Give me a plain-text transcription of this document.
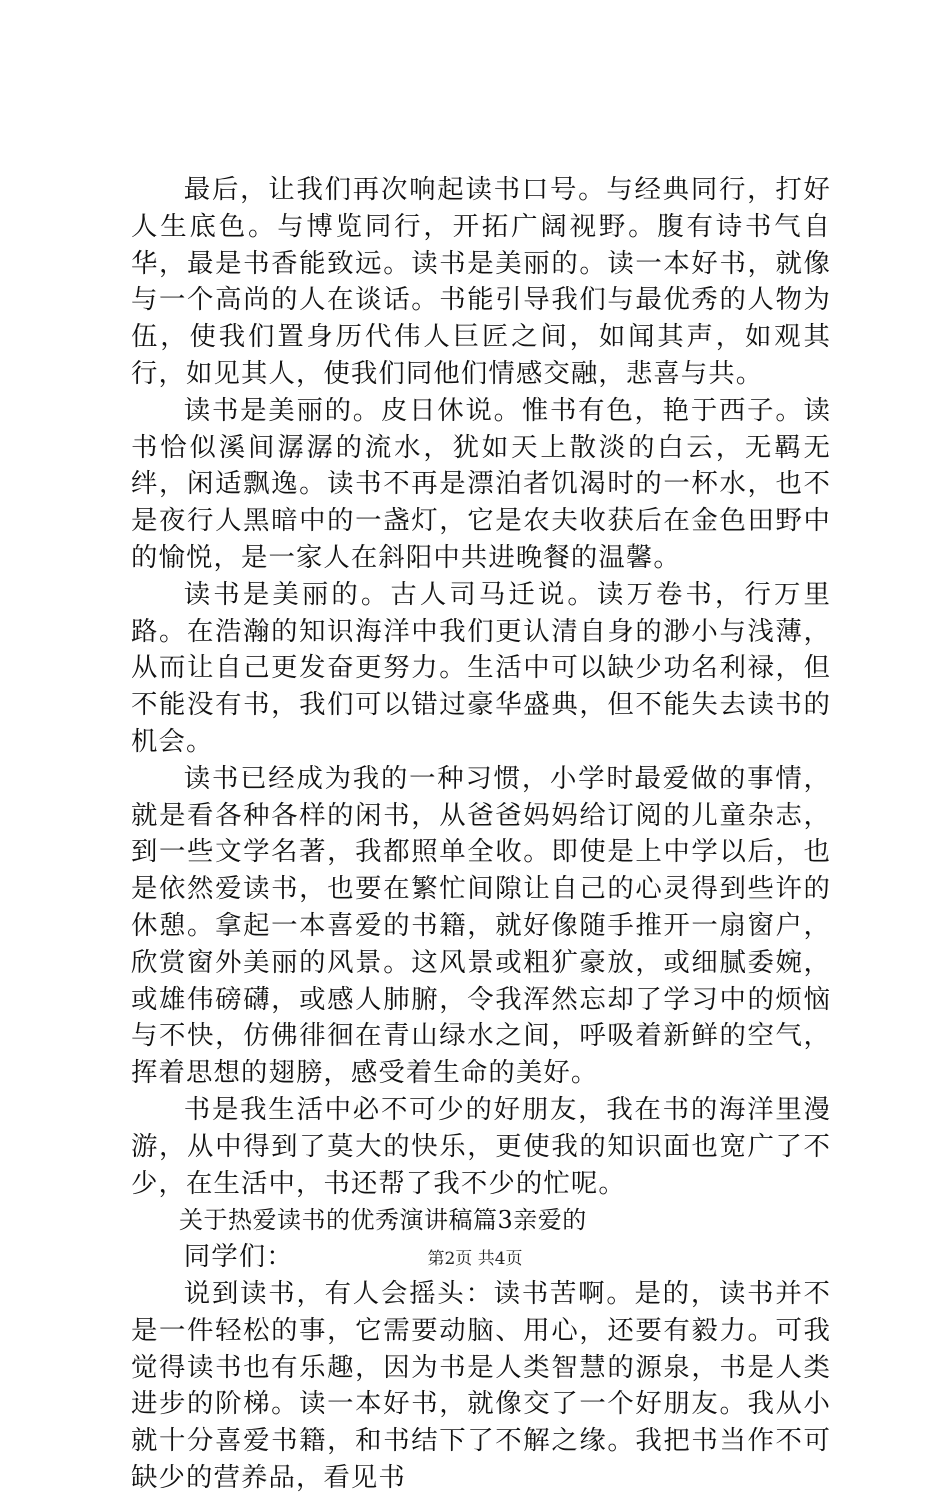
最后，让我们再次响起读书口号。与经典同行，打好人生底色。与博览同行，开拓广阔视野。腹有诗书气自华，最是书香能致远。读书是美丽的。读一本好书，就像与一个高尚的人在谈话。书能引导我们与最优秀的人物为伍，使我们置身历代伟人巨匠之间，如闻其声，如观其行，如见其人，使我们同他们情感交融，悲喜与共。

读书是美丽的。皮日休说。惟书有色，艳于西子。读书恰似溪间潺潺的流水，犹如天上散淡的白云，无羁无绊，闲适飘逸。读书不再是漂泊者饥渴时的一杯水，也不是夜行人黑暗中的一盏灯，它是农夫收获后在金色田野中的愉悦，是一家人在斜阳中共进晚餐的温馨。

读书是美丽的。古人司马迁说。读万卷书，行万里路。在浩瀚的知识海洋中我们更认清自身的渺小与浅薄，从而让自己更发奋更努力。生活中可以缺少功名利禄，但不能没有书，我们可以错过豪华盛典，但不能失去读书的机会。

读书已经成为我的一种习惯，小学时最爱做的事情，就是看各种各样的闲书，从爸爸妈妈给订阅的儿童杂志，到一些文学名著，我都照单全收。即使是上中学以后，也是依然爱读书，也要在繁忙间隙让自己的心灵得到些许的休憩。拿起一本喜爱的书籍，就好像随手推开一扇窗户，欣赏窗外美丽的风景。这风景或粗犷豪放，或细腻委婉，或雄伟磅礴，或感人肺腑，令我浑然忘却了学习中的烦恼与不快，仿佛徘徊在青山绿水之间，呼吸着新鲜的空气，挥着思想的翅膀，感受着生命的美好。

书是我生活中必不可少的好朋友，我在书的海洋里漫游，从中得到了莫大的快乐，更使我的知识面也宽广了不少，在生活中，书还帮了我不少的忙呢。

关于热爱读书的优秀演讲稿篇3亲爱的

同学们：

说到读书，有人会摇头：读书苦啊。是的，读书并不是一件轻松的事，它需要动脑、用心，还要有毅力。可我觉得读书也有乐趣，因为书是人类智慧的源泉，书是人类进步的阶梯。读一本好书，就像交了一个好朋友。我从小就十分喜爱书籍，和书结下了不解之缘。我把书当作不可缺少的营养品，看见书

第2页 共4页
